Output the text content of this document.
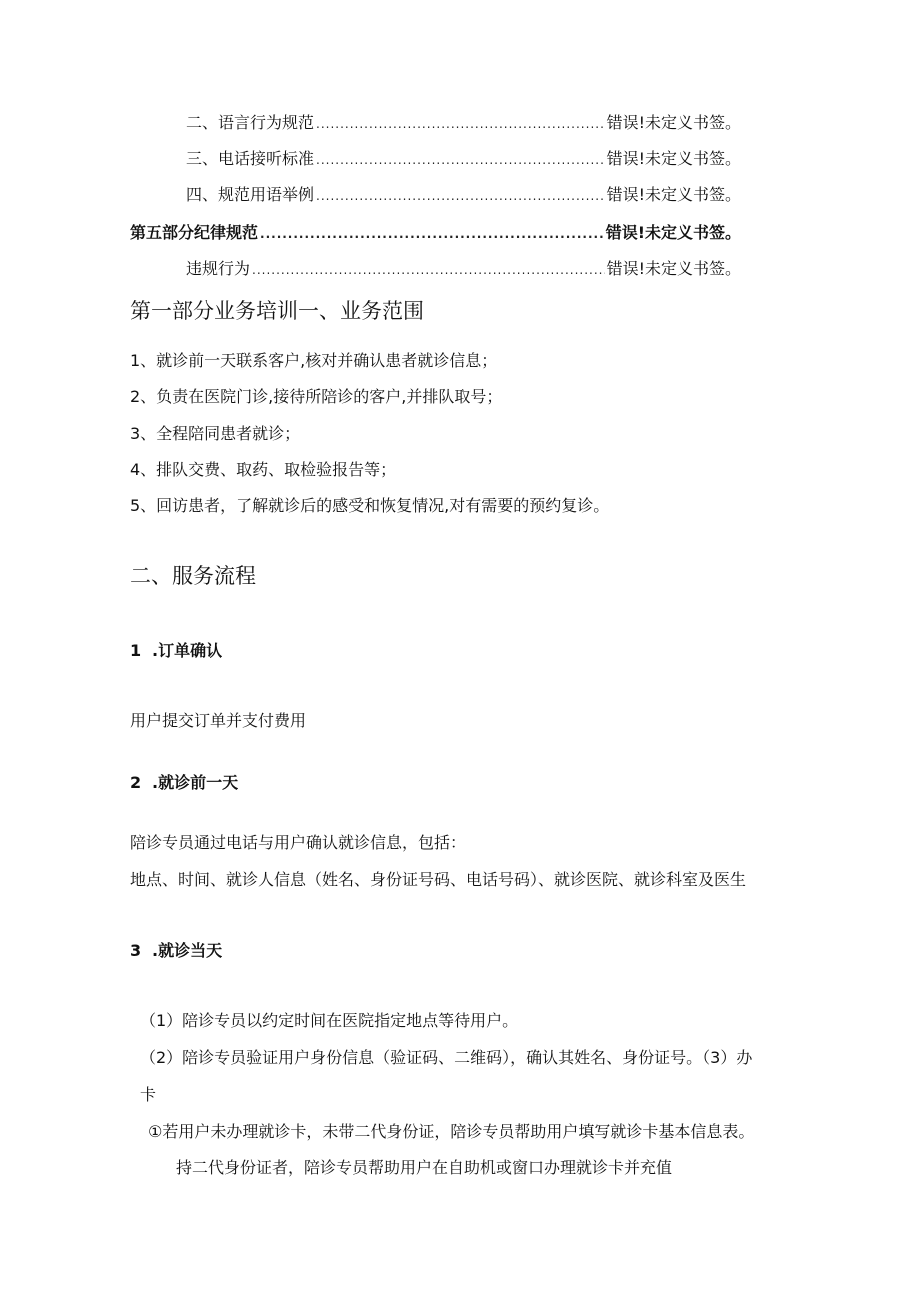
二、语言行为规范 .....	错误!未定义书签。
三、电话接听标准 .....	错误!未定义书签。
四、规范用语举例 .....	错误!未定义书签。
第五部分纪律规范 .....	错误!未定义书签。
违规行为 .....	错误!未定义书签。
第一部分业务培训一、业务范围
1、就诊前一天联系客户,核对并确认患者就诊信息；
2、负责在医院门诊,接待所陪诊的客户,并排队取号；
3、全程陪同患者就诊；
4、排队交费、取药、取检验报告等；
5、回访患者，了解就诊后的感受和恢复情况,对有需要的预约复诊。
二、服务流程
1 .订单确认
用户提交订单并支付费用
2 .就诊前一天
陪诊专员通过电话与用户确认就诊信息，包括：
地点、时间、就诊人信息（姓名、身份证号码、电话号码）、就诊医院、就诊科室及医生
3 .就诊当天
（1）陪诊专员以约定时间在医院指定地点等待用户。
（2）陪诊专员验证用户身份信息（验证码、二维码），确认其姓名、身份证号。（3）办
卡
①若用户未办理就诊卡，未带二代身份证，陪诊专员帮助用户填写就诊卡基本信息表。
持二代身份证者，陪诊专员帮助用户在自助机或窗口办理就诊卡并充值
